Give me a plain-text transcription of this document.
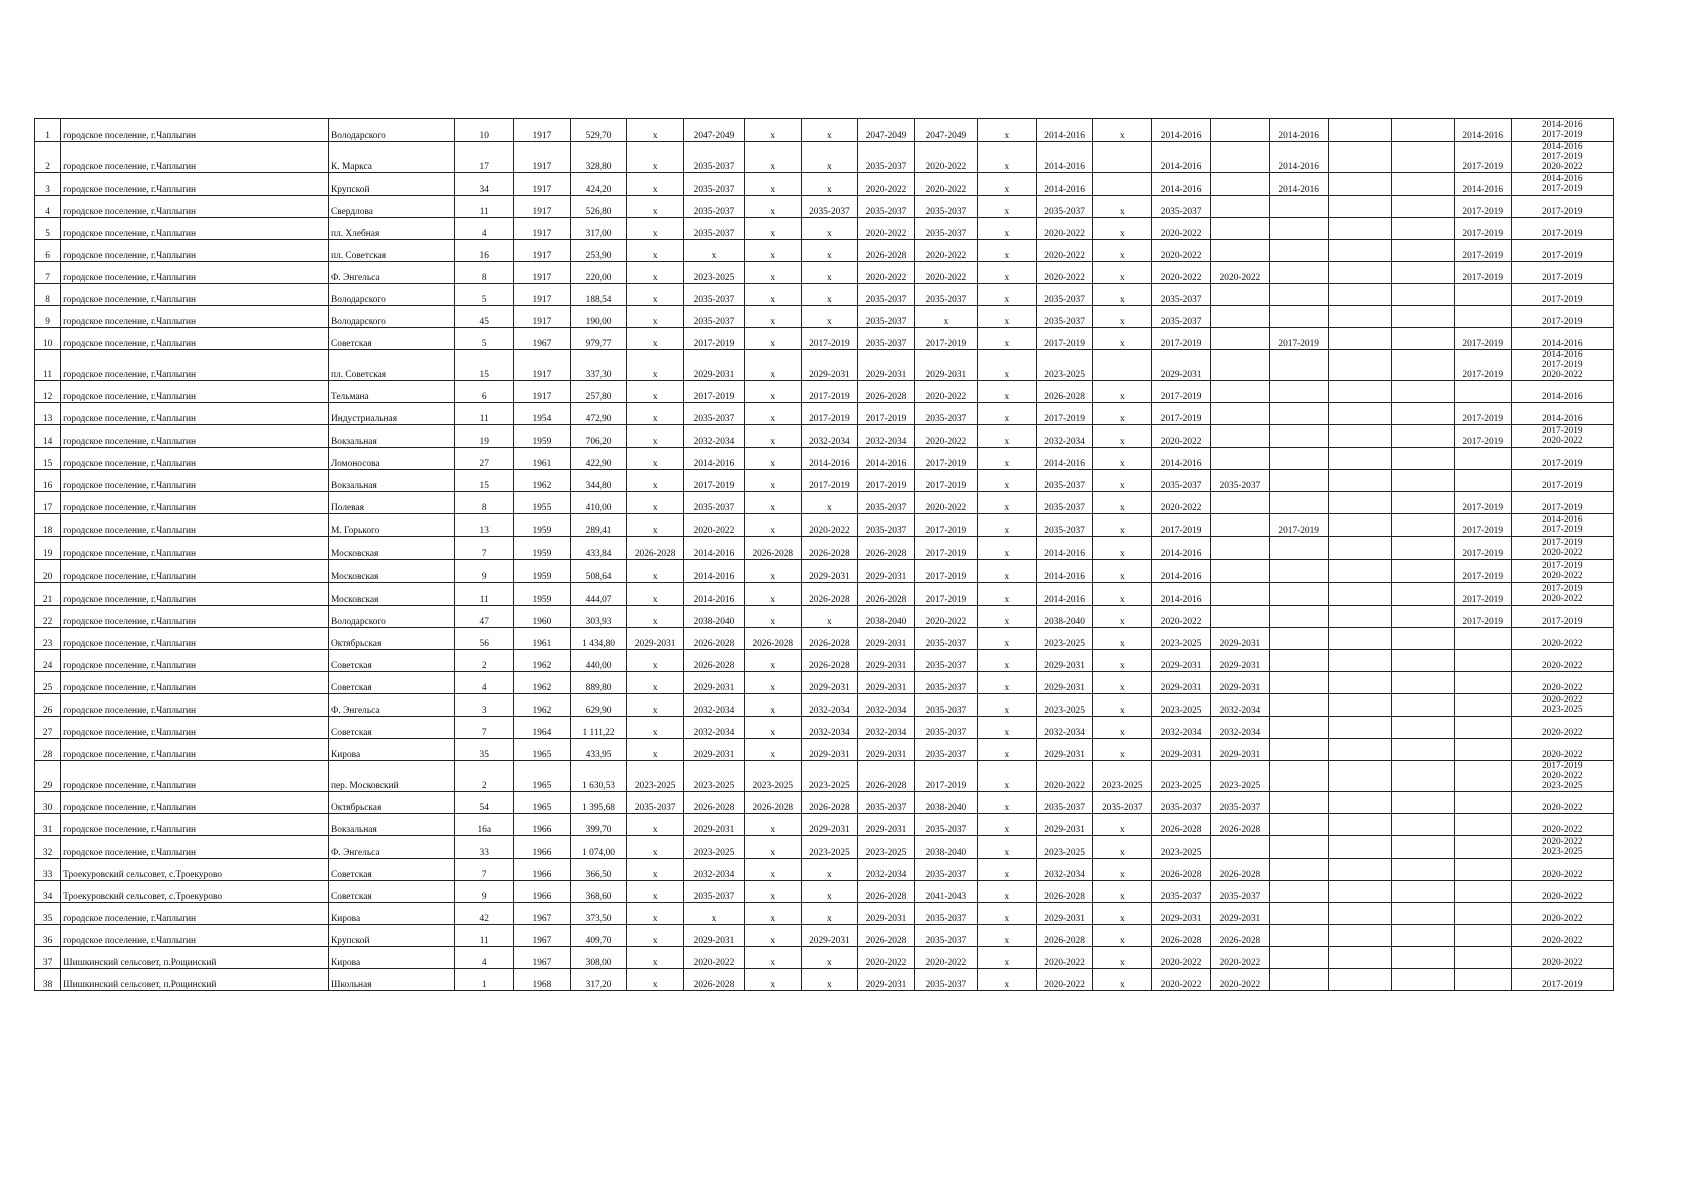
1	городское поселение, г.Чаплыгин	Володарского	10	1917	529,70	x	2047-2049	x	x	2047-2049	2047-2049	x	2014-2016	x	2014-2016		2014-2016			2014-2016	2014-2016
2017-2019
2	городское поселение, г.Чаплыгин	К. Маркса	17	1917	328,80	x	2035-2037	x	x	2035-2037	2020-2022	x	2014-2016		2014-2016		2014-2016			2017-2019	2014-2016
2017-2019
2020-2022
3	городское поселение, г.Чаплыгин	Крупской	34	1917	424,20	x	2035-2037	x	x	2020-2022	2020-2022	x	2014-2016		2014-2016		2014-2016			2014-2016	2014-2016
2017-2019
4	городское поселение, г.Чаплыгин	Свердлова	11	1917	526,80	x	2035-2037	x	2035-2037	2035-2037	2035-2037	x	2035-2037	x	2035-2037					2017-2019	2017-2019
5	городское поселение, г.Чаплыгин	пл. Хлебная	4	1917	317,00	x	2035-2037	x	x	2020-2022	2035-2037	x	2020-2022	x	2020-2022					2017-2019	2017-2019
6	городское поселение, г.Чаплыгин	пл. Советская	16	1917	253,90	x	x	x	x	2026-2028	2020-2022	x	2020-2022	x	2020-2022					2017-2019	2017-2019
7	городское поселение, г.Чаплыгин	Ф. Энгельса	8	1917	220,00	x	2023-2025	x	x	2020-2022	2020-2022	x	2020-2022	x	2020-2022	2020-2022				2017-2019	2017-2019
8	городское поселение, г.Чаплыгин	Володарского	5	1917	188,54	x	2035-2037	x	x	2035-2037	2035-2037	x	2035-2037	x	2035-2037						2017-2019
9	городское поселение, г.Чаплыгин	Володарского	45	1917	190,00	x	2035-2037	x	x	2035-2037	x	x	2035-2037	x	2035-2037						2017-2019
10	городское поселение, г.Чаплыгин	Советская	5	1967	979,77	x	2017-2019	x	2017-2019	2035-2037	2017-2019	x	2017-2019	x	2017-2019		2017-2019			2017-2019	2014-2016
11	городское поселение, г.Чаплыгин	пл. Советская	15	1917	337,30	x	2029-2031	x	2029-2031	2029-2031	2029-2031	x	2023-2025		2029-2031					2017-2019	2014-2016
2017-2019
2020-2022
12	городское поселение, г.Чаплыгин	Тельмана	6	1917	257,80	x	2017-2019	x	2017-2019	2026-2028	2020-2022	x	2026-2028	x	2017-2019						2014-2016
13	городское поселение, г.Чаплыгин	Индустриальная	11	1954	472,90	x	2035-2037	x	2017-2019	2017-2019	2035-2037	x	2017-2019	x	2017-2019					2017-2019	2014-2016
14	городское поселение, г.Чаплыгин	Вокзальная	19	1959	706,20	x	2032-2034	x	2032-2034	2032-2034	2020-2022	x	2032-2034	x	2020-2022					2017-2019	2017-2019
2020-2022
15	городское поселение, г.Чаплыгин	Ломоносова	27	1961	422,90	x	2014-2016	x	2014-2016	2014-2016	2017-2019	x	2014-2016	x	2014-2016						2017-2019
16	городское поселение, г.Чаплыгин	Вокзальная	15	1962	344,80	x	2017-2019	x	2017-2019	2017-2019	2017-2019	x	2035-2037	x	2035-2037	2035-2037					2017-2019
17	городское поселение, г.Чаплыгин	Полевая	8	1955	410,00	x	2035-2037	x	x	2035-2037	2020-2022	x	2035-2037	x	2020-2022					2017-2019	2017-2019
18	городское поселение, г.Чаплыгин	М. Горького	13	1959	289,41	x	2020-2022	x	2020-2022	2035-2037	2017-2019	x	2035-2037	x	2017-2019		2017-2019			2017-2019	2014-2016
2017-2019
19	городское поселение, г.Чаплыгин	Московская	7	1959	433,84	2026-2028	2014-2016	2026-2028	2026-2028	2026-2028	2017-2019	x	2014-2016	x	2014-2016					2017-2019	2017-2019
2020-2022
20	городское поселение, г.Чаплыгин	Московская	9	1959	508,64	x	2014-2016	x	2029-2031	2029-2031	2017-2019	x	2014-2016	x	2014-2016					2017-2019	2017-2019
2020-2022
21	городское поселение, г.Чаплыгин	Московская	11	1959	444,07	x	2014-2016	x	2026-2028	2026-2028	2017-2019	x	2014-2016	x	2014-2016					2017-2019	2017-2019
2020-2022
22	городское поселение, г.Чаплыгин	Володарского	47	1960	303,93	x	2038-2040	x	x	2038-2040	2020-2022	x	2038-2040	x	2020-2022					2017-2019	2017-2019
23	городское поселение, г.Чаплыгин	Октябрьская	56	1961	1 434,80	2029-2031	2026-2028	2026-2028	2026-2028	2029-2031	2035-2037	x	2023-2025	x	2023-2025	2029-2031					2020-2022
24	городское поселение, г.Чаплыгин	Советская	2	1962	440,00	x	2026-2028	x	2026-2028	2029-2031	2035-2037	x	2029-2031	x	2029-2031	2029-2031					2020-2022
25	городское поселение, г.Чаплыгин	Советская	4	1962	889,80	x	2029-2031	x	2029-2031	2029-2031	2035-2037	x	2029-2031	x	2029-2031	2029-2031					2020-2022
26	городское поселение, г.Чаплыгин	Ф. Энгельса	3	1962	629,90	x	2032-2034	x	2032-2034	2032-2034	2035-2037	x	2023-2025	x	2023-2025	2032-2034					2020-2022
2023-2025
27	городское поселение, г.Чаплыгин	Советская	7	1964	1 111,22	x	2032-2034	x	2032-2034	2032-2034	2035-2037	x	2032-2034	x	2032-2034	2032-2034					2020-2022
28	городское поселение, г.Чаплыгин	Кирова	35	1965	433,95	x	2029-2031	x	2029-2031	2029-2031	2035-2037	x	2029-2031	x	2029-2031	2029-2031					2020-2022
29	городское поселение, г.Чаплыгин	пер. Московский	2	1965	1 630,53	2023-2025	2023-2025	2023-2025	2023-2025	2026-2028	2017-2019	x	2020-2022	2023-2025	2023-2025	2023-2025					2017-2019
2020-2022
2023-2025
30	городское поселение, г.Чаплыгин	Октябрьская	54	1965	1 395,68	2035-2037	2026-2028	2026-2028	2026-2028	2035-2037	2038-2040	x	2035-2037	2035-2037	2035-2037	2035-2037					2020-2022
31	городское поселение, г.Чаплыгин	Вокзальная	16а	1966	399,70	x	2029-2031	x	2029-2031	2029-2031	2035-2037	x	2029-2031	x	2026-2028	2026-2028					2020-2022
32	городское поселение, г.Чаплыгин	Ф. Энгельса	33	1966	1 074,00	x	2023-2025	x	2023-2025	2023-2025	2038-2040	x	2023-2025	x	2023-2025						2020-2022
2023-2025
33	Троекуровский сельсовет, с.Троекурово	Советская	7	1966	366,50	x	2032-2034	x	x	2032-2034	2035-2037	x	2032-2034	x	2026-2028	2026-2028					2020-2022
34	Троекуровский сельсовет, с.Троекурово	Советская	9	1966	368,60	x	2035-2037	x	x	2026-2028	2041-2043	x	2026-2028	x	2035-2037	2035-2037					2020-2022
35	городское поселение, г.Чаплыгин	Кирова	42	1967	373,50	x	x	x	x	2029-2031	2035-2037	x	2029-2031	x	2029-2031	2029-2031					2020-2022
36	городское поселение, г.Чаплыгин	Крупской	11	1967	409,70	x	2029-2031	x	2029-2031	2026-2028	2035-2037	x	2026-2028	x	2026-2028	2026-2028					2020-2022
37	Шишкинский сельсовет, п.Рощинский	Кирова	4	1967	308,00	x	2020-2022	x	x	2020-2022	2020-2022	x	2020-2022	x	2020-2022	2020-2022					2020-2022
38	Шишкинский сельсовет, п.Рощинский	Школьная	1	1968	317,20	x	2026-2028	x	x	2029-2031	2035-2037	x	2020-2022	x	2020-2022	2020-2022					2017-2019
